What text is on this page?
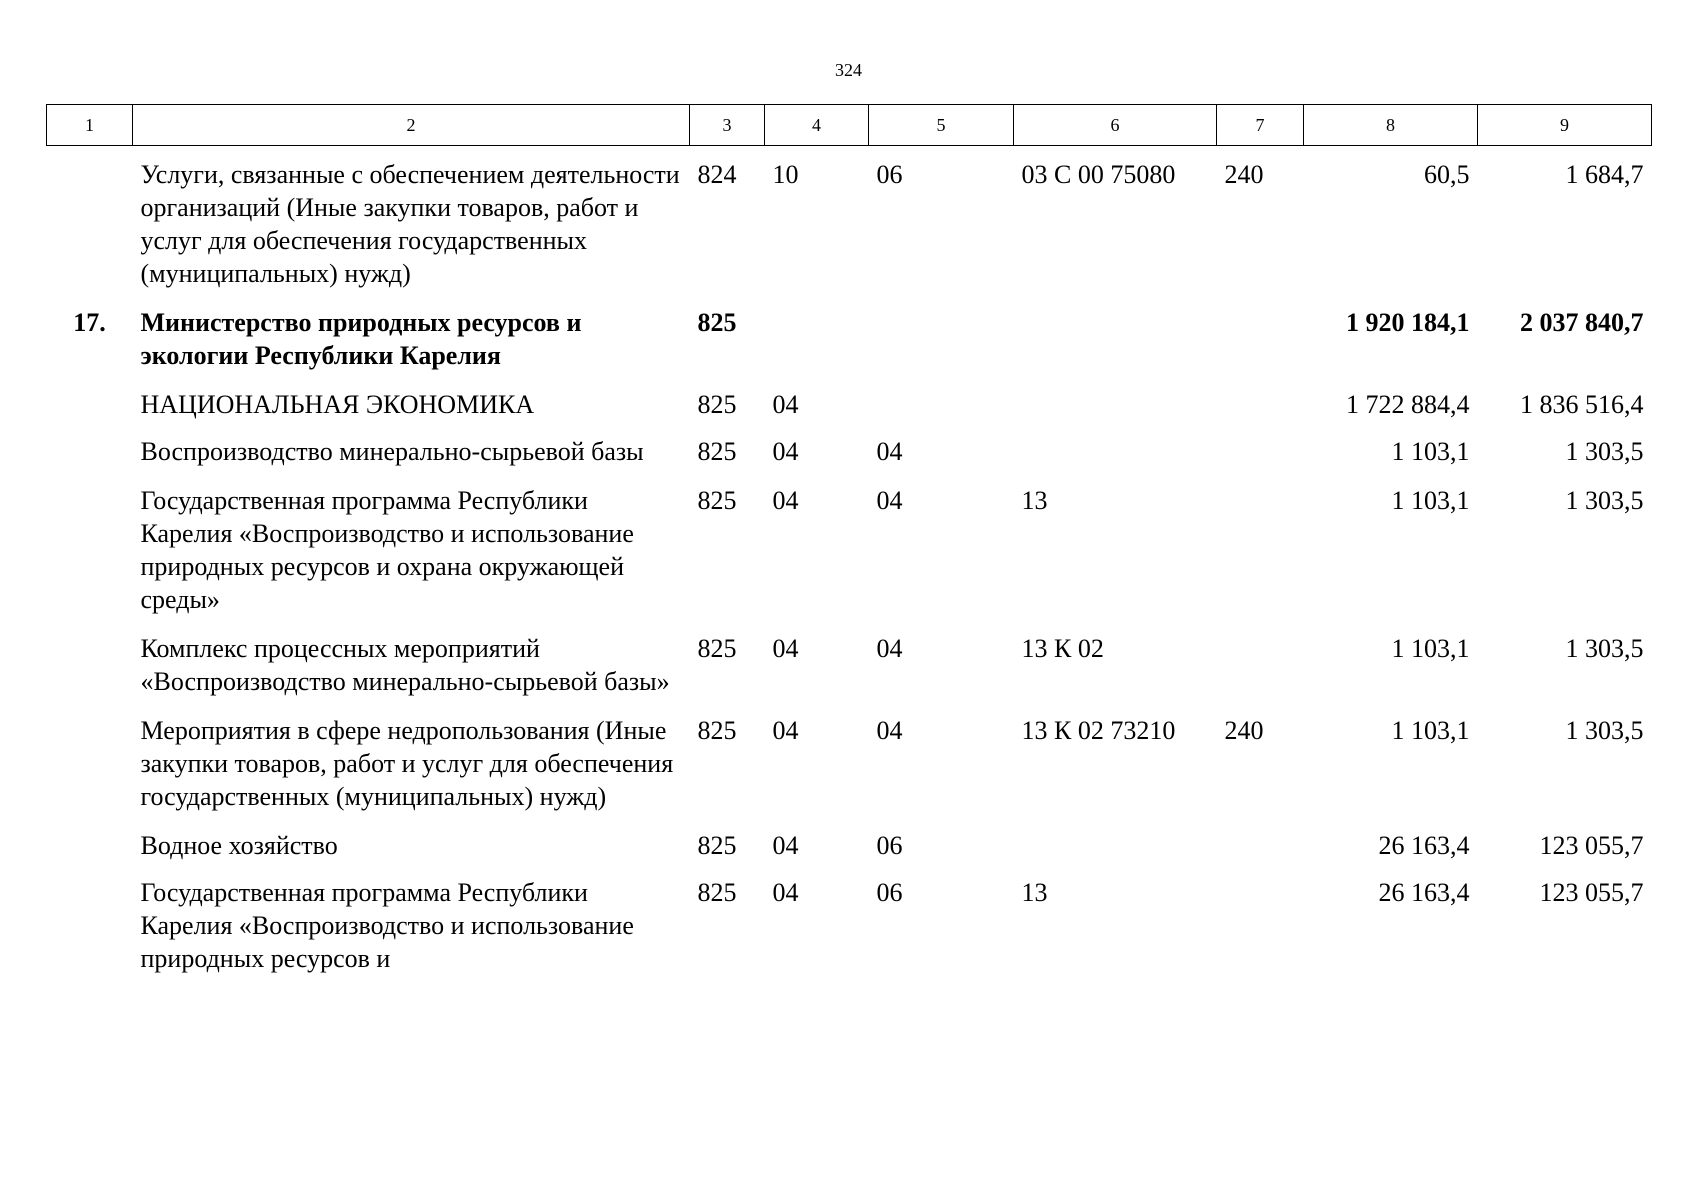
324
1	2	3	4	5	6	7	8	9
	Услуги, связанные с обеспечением деятельности организаций (Иные закупки товаров, работ и услуг для обеспечения государственных (муниципальных) нужд)	824	10	06	03 С 00 75080	240	60,5	1 684,7
17.	Министерство природных ресурсов и экологии Республики Карелия	825					1 920 184,1	2 037 840,7
	НАЦИОНАЛЬНАЯ ЭКОНОМИКА	825	04				1 722 884,4	1 836 516,4
	Воспроизводство минерально-сырьевой базы	825	04	04			1 103,1	1 303,5
	Государственная программа Республики Карелия «Воспроизводство и использование природных ресурсов и охрана окружающей среды»	825	04	04	13		1 103,1	1 303,5
	Комплекс процессных мероприятий «Воспроизводство минерально-сырьевой базы»	825	04	04	13 К 02		1 103,1	1 303,5
	Мероприятия в сфере недропользования (Иные закупки товаров, работ и услуг для обеспечения государственных (муниципальных) нужд)	825	04	04	13 К 02 73210	240	1 103,1	1 303,5
	Водное хозяйство	825	04	06			26 163,4	123 055,7
	Государственная программа Республики Карелия «Воспроизводство и использование природных ресурсов и	825	04	06	13		26 163,4	123 055,7
